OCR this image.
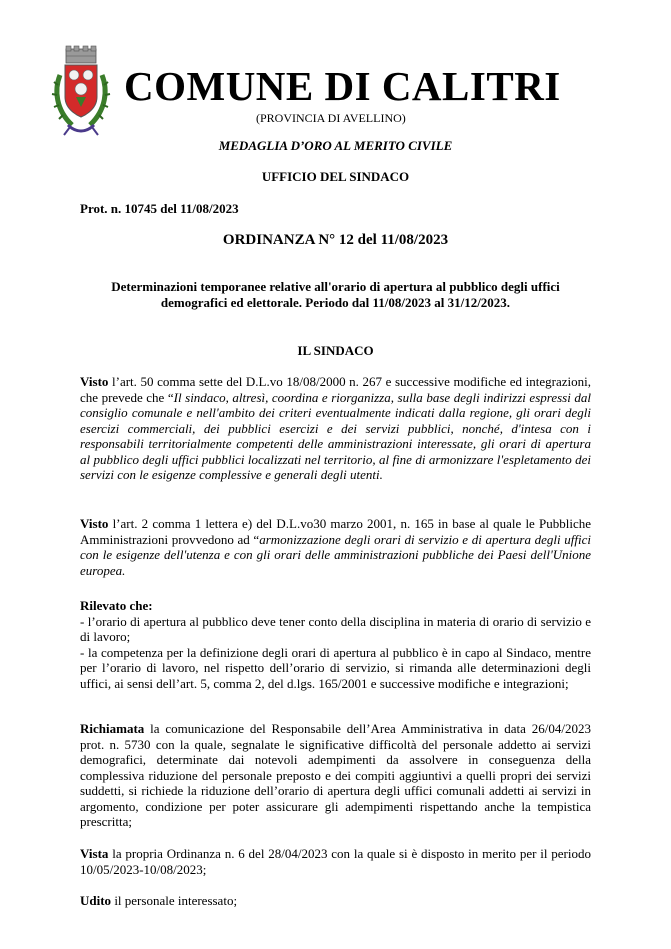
COMUNE DI CALITRI
(PROVINCIA DI AVELLINO)
MEDAGLIA D’ORO AL MERITO CIVILE
UFFICIO DEL SINDACO
Prot. n. 10745 del 11/08/2023
ORDINANZA N° 12 del 11/08/2023
Determinazioni temporanee relative all'orario di apertura al pubblico degli uffici demografici ed elettorale. Periodo dal 11/08/2023 al 31/12/2023.
IL SINDACO
Visto l’art. 50 comma sette del D.L.vo 18/08/2000 n. 267 e successive modifiche ed integrazioni, che prevede che “Il sindaco, altresì, coordina e riorganizza, sulla base degli indirizzi espressi dal consiglio comunale e nell'ambito dei criteri eventualmente indicati dalla regione, gli orari degli esercizi commerciali, dei pubblici esercizi e dei servizi pubblici, nonché, d'intesa con i responsabili territorialmente competenti delle amministrazioni interessate, gli orari di apertura al pubblico degli uffici pubblici localizzati nel territorio, al fine di armonizzare l'espletamento dei servizi con le esigenze complessive e generali degli utenti.
Visto l’art. 2 comma 1 lettera e) del D.L.vo30 marzo 2001, n. 165 in base al quale le Pubbliche Amministrazioni provvedono ad “armonizzazione degli orari di servizio e di apertura degli uffici con le esigenze dell'utenza e con gli orari delle amministrazioni pubbliche dei Paesi dell'Unione europea.
Rilevato che:
- l’orario di apertura al pubblico deve tener conto della disciplina in materia di orario di servizio e di lavoro;
- la competenza per la definizione degli orari di apertura al pubblico è in capo al Sindaco, mentre per l’orario di lavoro, nel rispetto dell’orario di servizio, si rimanda alle determinazioni degli uffici, ai sensi dell’art. 5, comma 2, del d.lgs. 165/2001 e successive modifiche e integrazioni;
Richiamata la comunicazione del Responsabile dell’Area Amministrativa in data 26/04/2023 prot. n. 5730 con la quale, segnalate le significative difficoltà del personale addetto ai servizi demografici, determinate dai notevoli adempimenti da assolvere in conseguenza della complessiva riduzione del personale preposto e dei compiti aggiuntivi a quelli propri dei servizi suddetti, si richiede la riduzione dell’orario di apertura degli uffici comunali addetti ai servizi in argomento, condizione per poter assicurare gli adempimenti rispettando anche la tempistica prescritta;
Vista la propria Ordinanza n. 6 del 28/04/2023 con la quale si è disposto in merito per il periodo 10/05/2023-10/08/2023;
Udito il personale interessato;
